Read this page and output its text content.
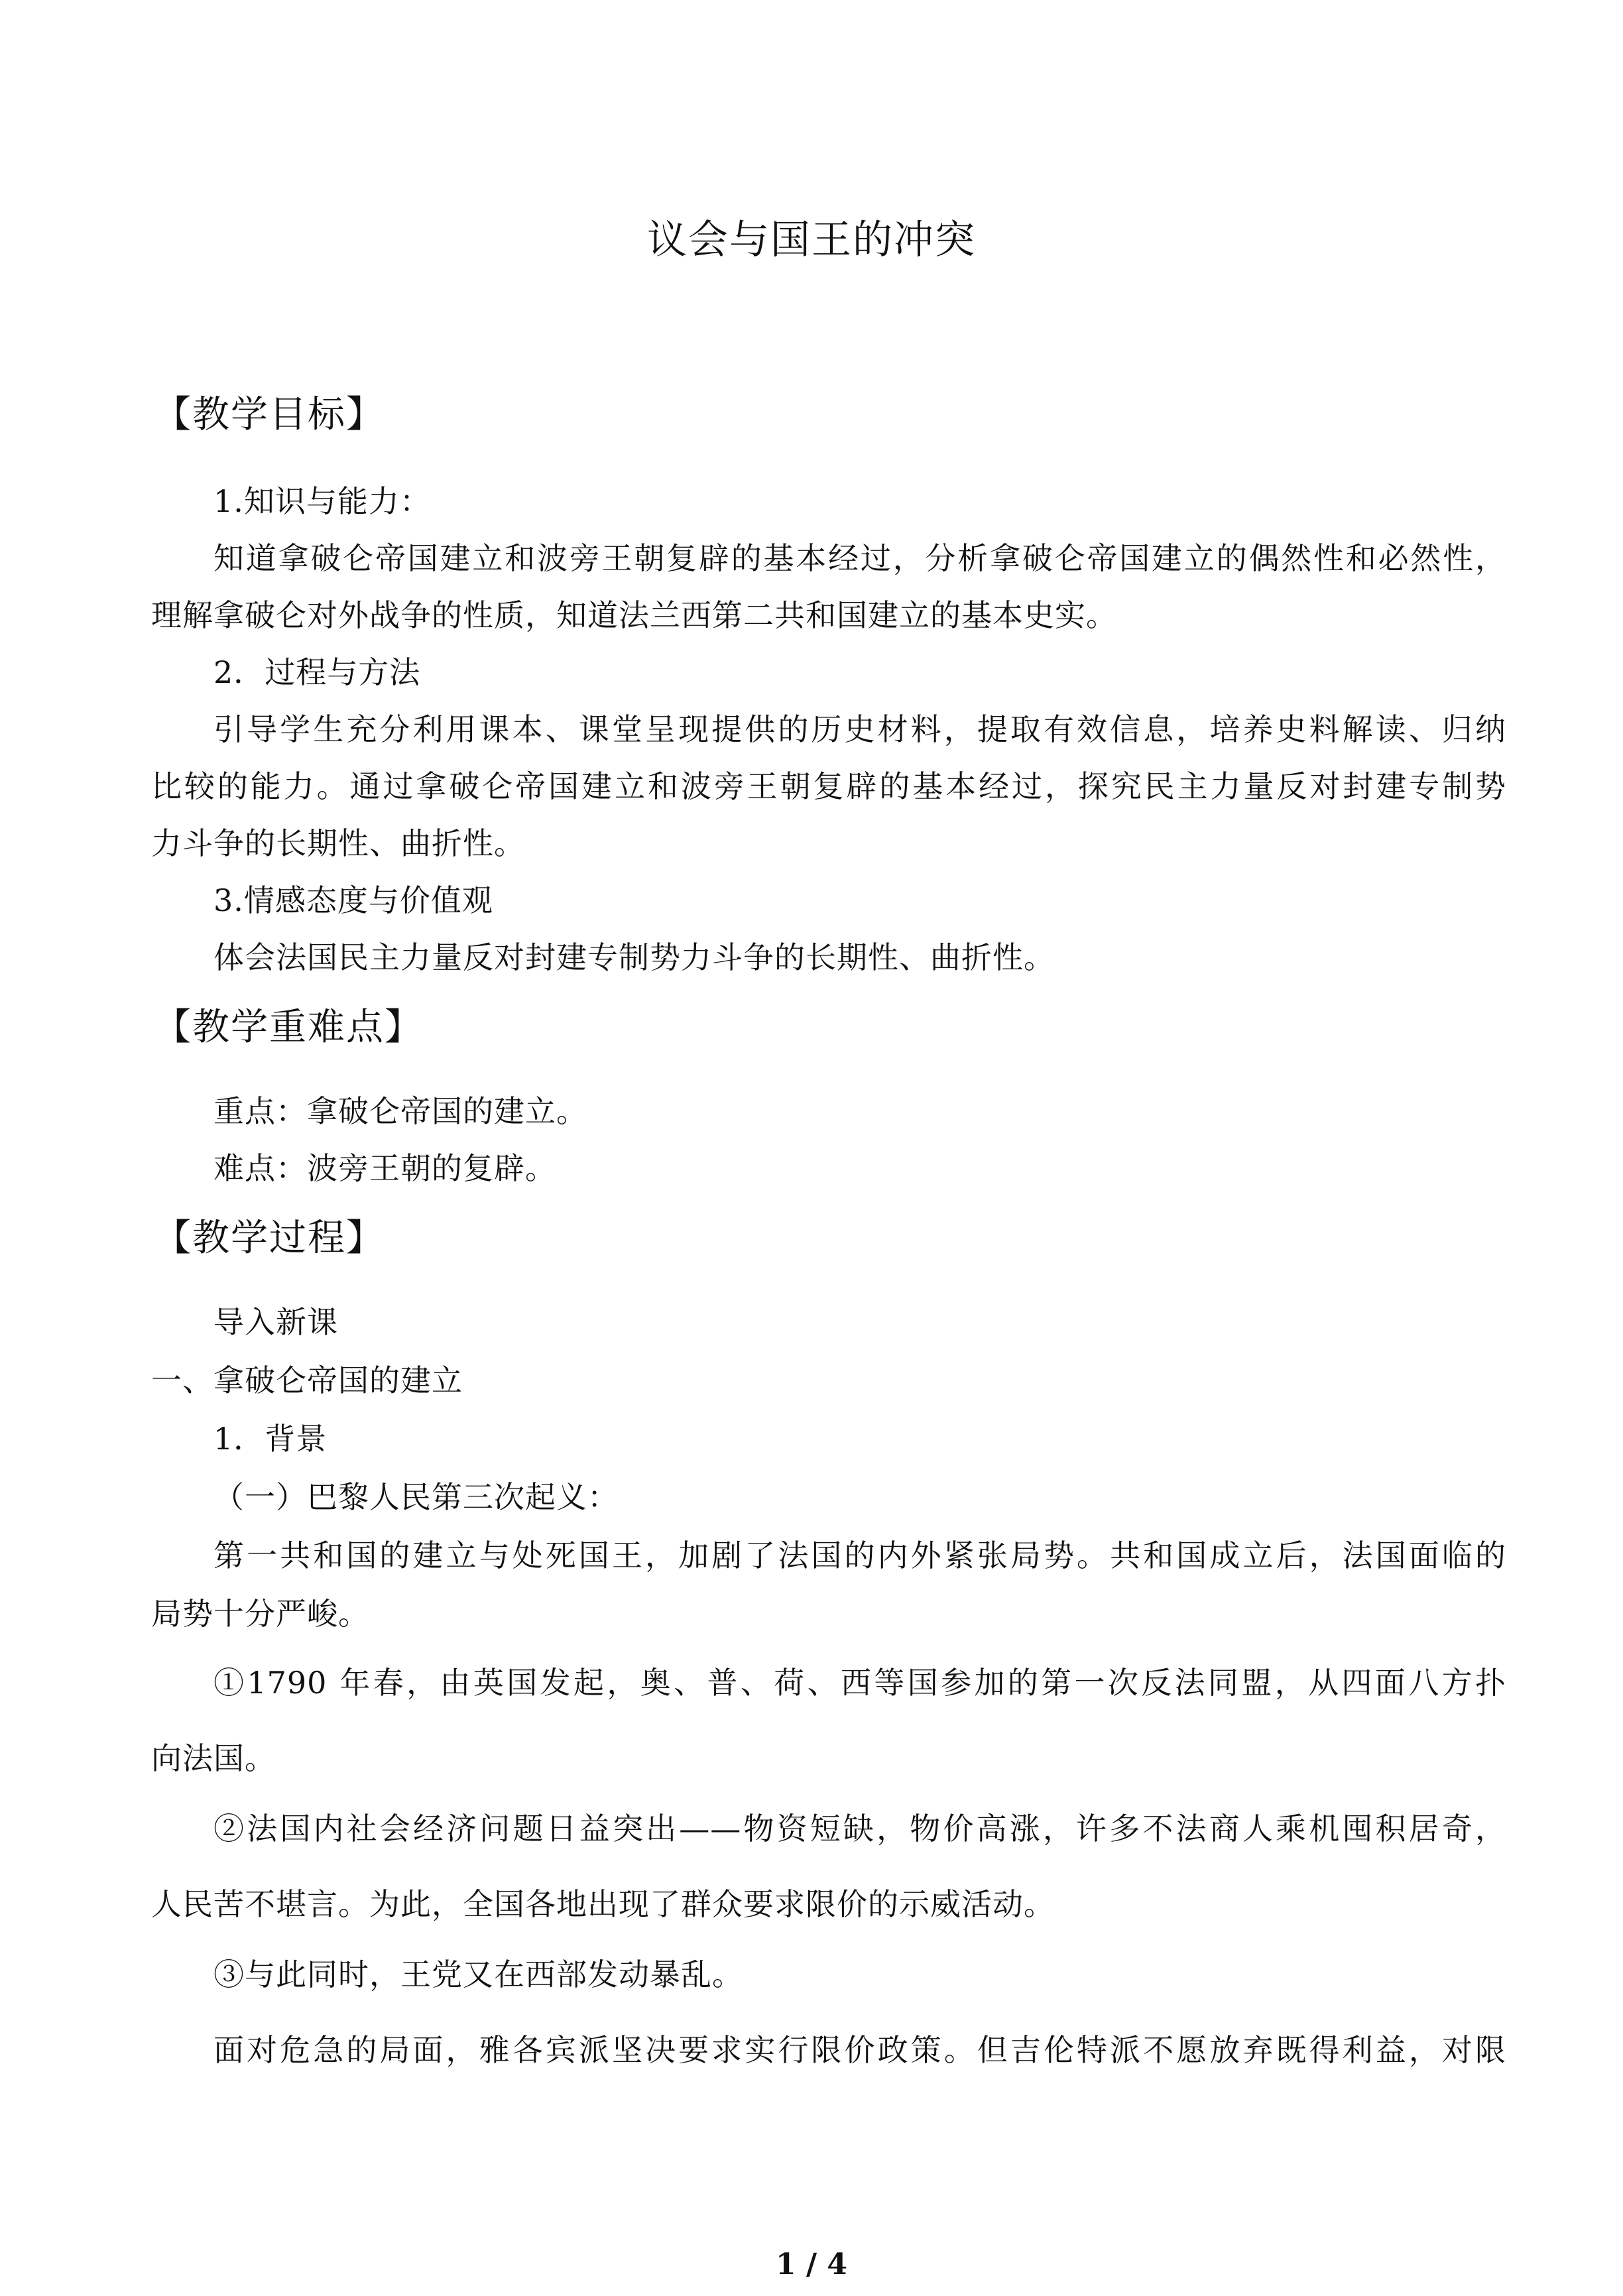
议会与国王的冲突
【教学目标】
1.知识与能力：
知道拿破仑帝国建立和波旁王朝复辟的基本经过，分析拿破仑帝国建立的偶然性和必然性，
理解拿破仑对外战争的性质，知道法兰西第二共和国建立的基本史实。
2．过程与方法
引导学生充分利用课本、课堂呈现提供的历史材料，提取有效信息，培养史料解读、归纳
比较的能力。通过拿破仑帝国建立和波旁王朝复辟的基本经过，探究民主力量反对封建专制势
力斗争的长期性、曲折性。
3.情感态度与价值观
体会法国民主力量反对封建专制势力斗争的长期性、曲折性。
【教学重难点】
重点：拿破仑帝国的建立。
难点：波旁王朝的复辟。
【教学过程】
导入新课
一、拿破仑帝国的建立
1．背景
（一）巴黎人民第三次起义：
第一共和国的建立与处死国王，加剧了法国的内外紧张局势。共和国成立后，法国面临的
局势十分严峻。
①1790 年春，由英国发起，奥、普、荷、西等国参加的第一次反法同盟，从四面八方扑
向法国。
②法国内社会经济问题日益突出——物资短缺，物价高涨，许多不法商人乘机囤积居奇，
人民苦不堪言。为此，全国各地出现了群众要求限价的示威活动。
③与此同时，王党又在西部发动暴乱。
面对危急的局面，雅各宾派坚决要求实行限价政策。但吉伦特派不愿放弃既得利益，对限
1 / 4
